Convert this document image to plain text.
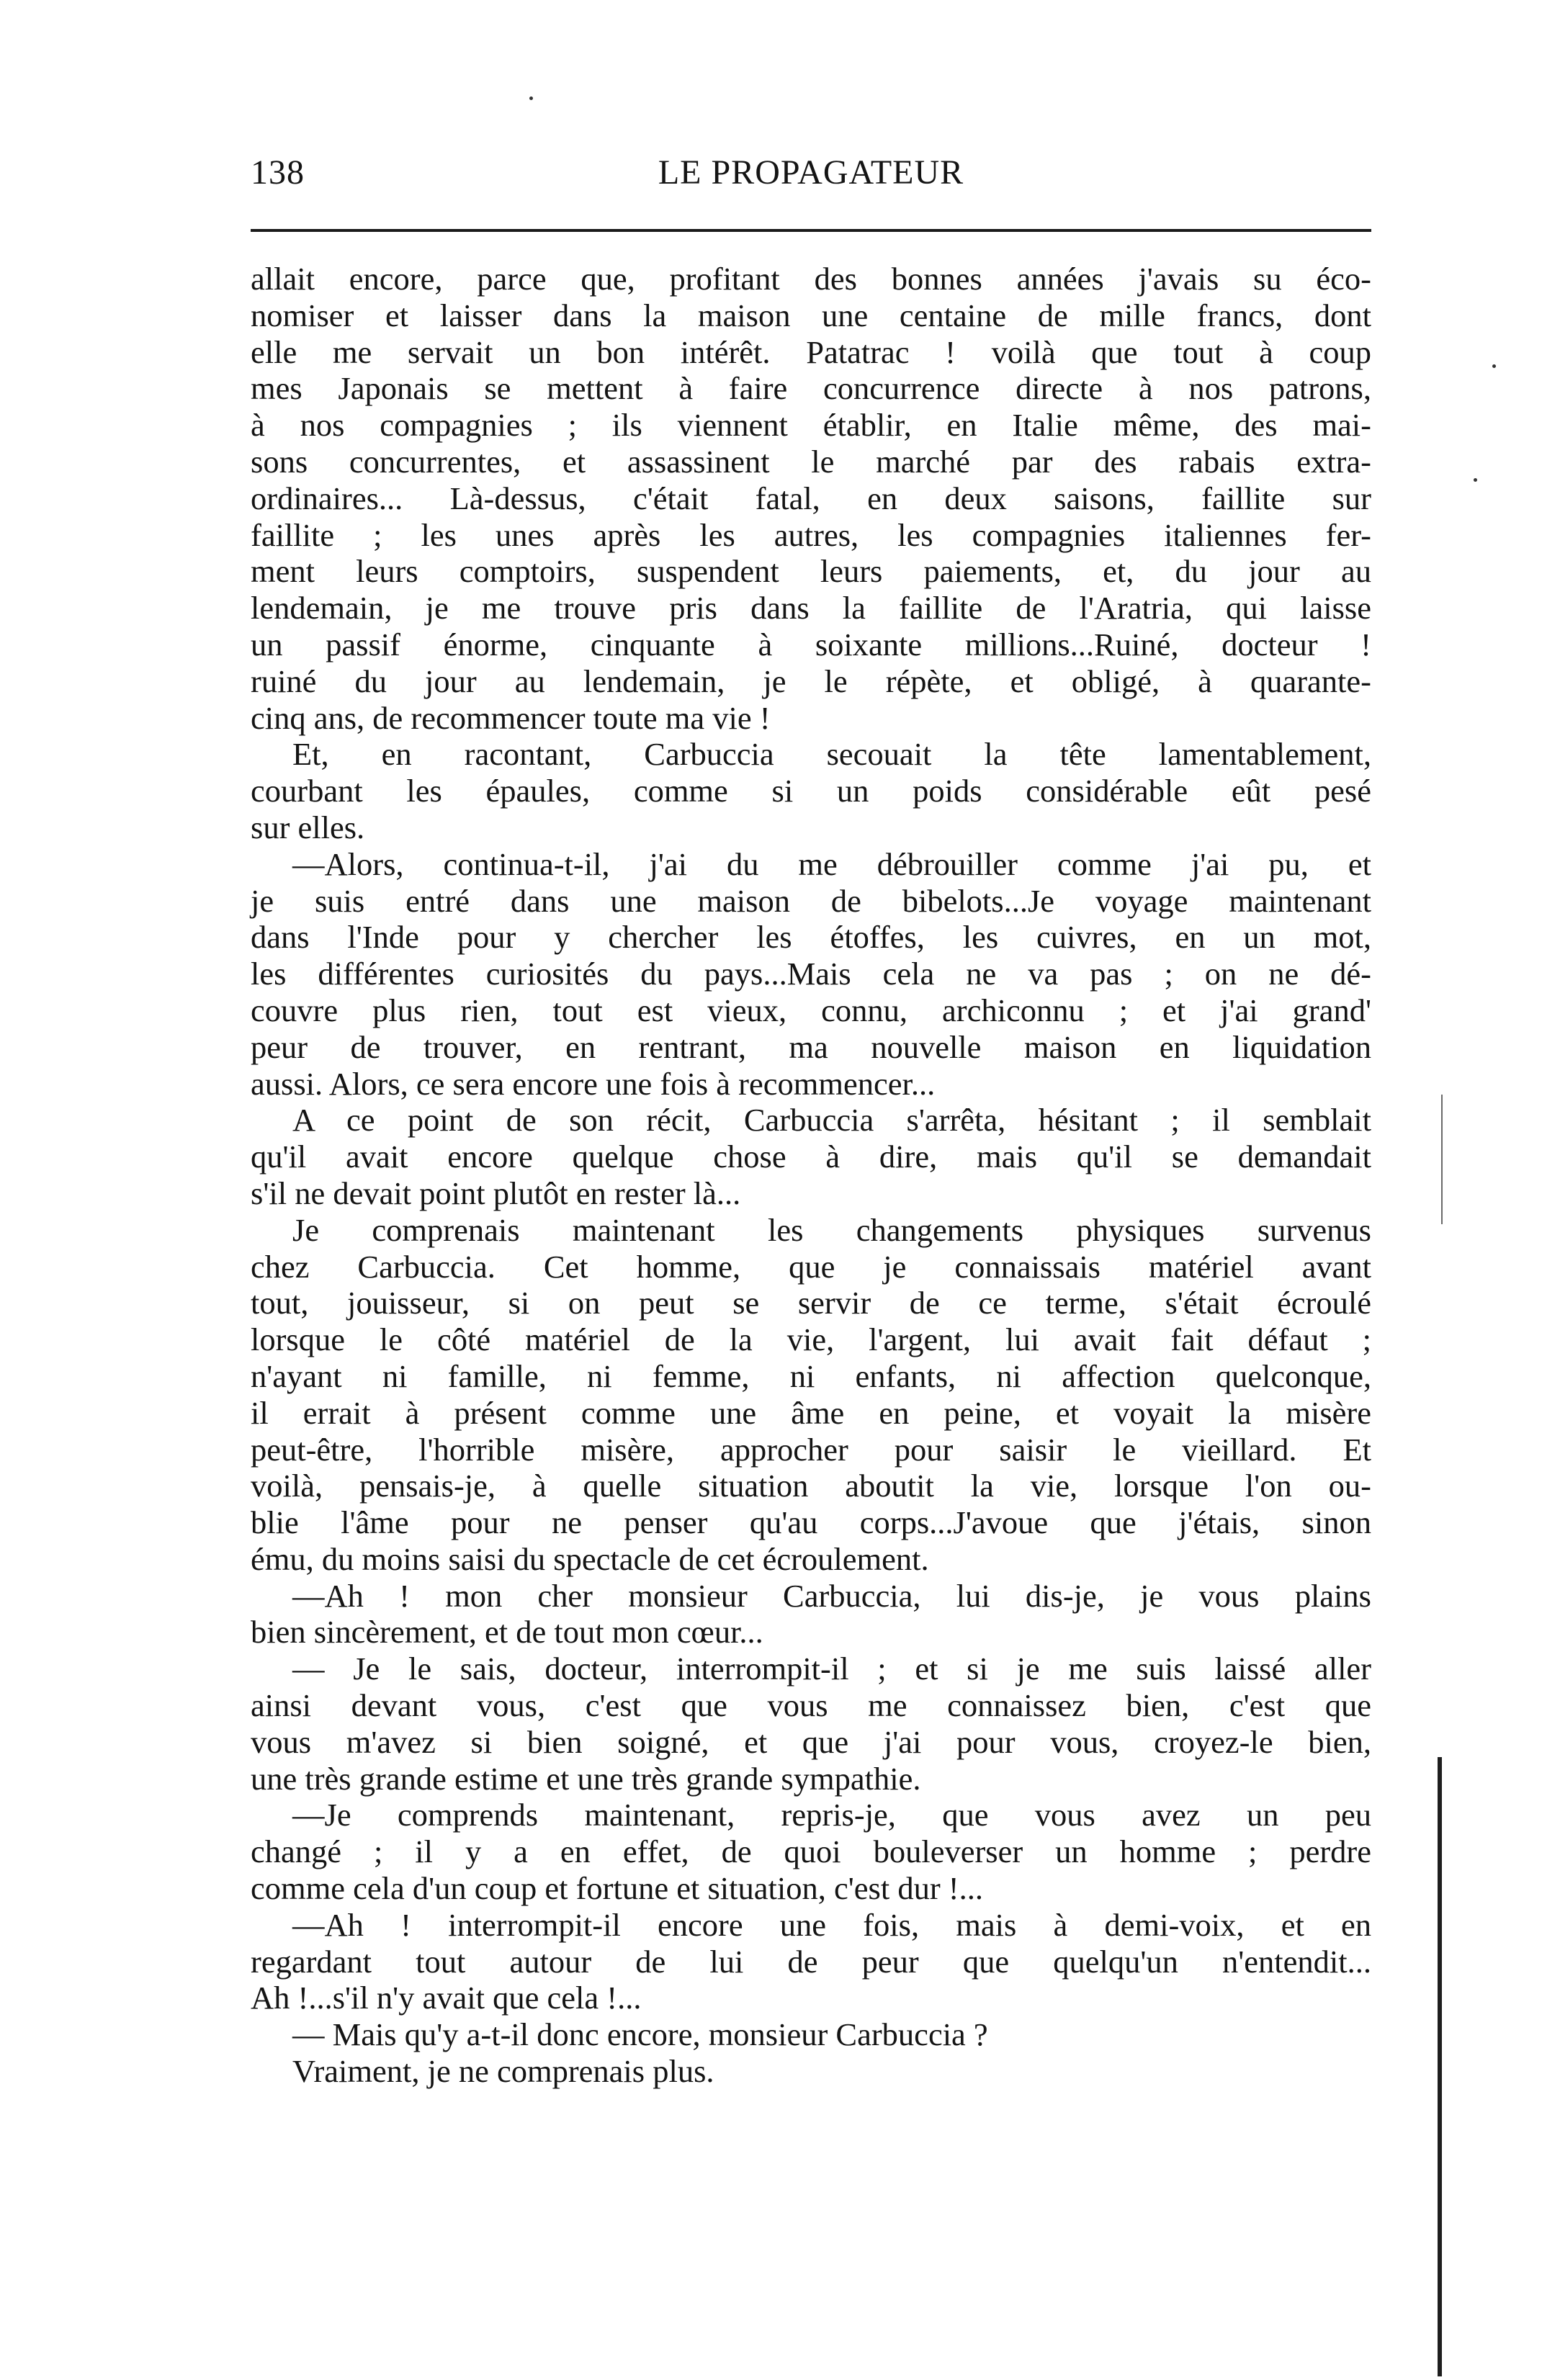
138	LE PROPAGATEUR
allait encore, parce que, profitant des bonnes années j'avais su éco-
nomiser et laisser dans la maison une centaine de mille francs, dont
elle me servait un bon intérêt. Patatrac ! voilà que tout à coup
mes Japonais se mettent à faire concurrence directe à nos patrons,
à nos compagnies ; ils viennent établir, en Italie même, des mai-
sons concurrentes, et assassinent le marché par des rabais extra-
ordinaires... Là-dessus, c'était fatal, en deux saisons, faillite sur
faillite ; les unes après les autres, les compagnies italiennes fer-
ment leurs comptoirs, suspendent leurs paiements, et, du jour au
lendemain, je me trouve pris dans la faillite de l'Aratria, qui laisse
un passif énorme, cinquante à soixante millions...Ruiné, docteur !
ruiné du jour au lendemain, je le répète, et obligé, à quarante-
cinq ans, de recommencer toute ma vie !
Et, en racontant, Carbuccia secouait la tête lamentablement,
courbant les épaules, comme si un poids considérable eût pesé
sur elles.
—Alors, continua-t-il, j'ai du me débrouiller comme j'ai pu, et
je suis entré dans une maison de bibelots...Je voyage maintenant
dans l'Inde pour y chercher les étoffes, les cuivres, en un mot,
les différentes curiosités du pays...Mais cela ne va pas ; on ne dé-
couvre plus rien, tout est vieux, connu, archiconnu ; et j'ai grand'
peur de trouver, en rentrant, ma nouvelle maison en liquidation
aussi. Alors, ce sera encore une fois à recommencer...
A ce point de son récit, Carbuccia s'arrêta, hésitant ; il semblait
qu'il avait encore quelque chose à dire, mais qu'il se demandait
s'il ne devait point plutôt en rester là...
Je comprenais maintenant les changements physiques survenus
chez Carbuccia. Cet homme, que je connaissais matériel avant
tout, jouisseur, si on peut se servir de ce terme, s'était écroulé
lorsque le côté matériel de la vie, l'argent, lui avait fait défaut ;
n'ayant ni famille, ni femme, ni enfants, ni affection quelconque,
il errait à présent comme une âme en peine, et voyait la misère
peut-être, l'horrible misère, approcher pour saisir le vieillard. Et
voilà, pensais-je, à quelle situation aboutit la vie, lorsque l'on ou-
blie l'âme pour ne penser qu'au corps...J'avoue que j'étais, sinon
ému, du moins saisi du spectacle de cet écroulement.
—Ah ! mon cher monsieur Carbuccia, lui dis-je, je vous plains
bien sincèrement, et de tout mon cœur...
— Je le sais, docteur, interrompit-il ; et si je me suis laissé aller
ainsi devant vous, c'est que vous me connaissez bien, c'est que
vous m'avez si bien soigné, et que j'ai pour vous, croyez-le bien,
une très grande estime et une très grande sympathie.
—Je comprends maintenant, repris-je, que vous avez un peu
changé ; il y a en effet, de quoi bouleverser un homme ; perdre
comme cela d'un coup et fortune et situation, c'est dur !...
—Ah ! interrompit-il encore une fois, mais à demi-voix, et en
regardant tout autour de lui de peur que quelqu'un n'entendit...
Ah !...s'il n'y avait que cela !...
— Mais qu'y a-t-il donc encore, monsieur Carbuccia ?
Vraiment, je ne comprenais plus.
